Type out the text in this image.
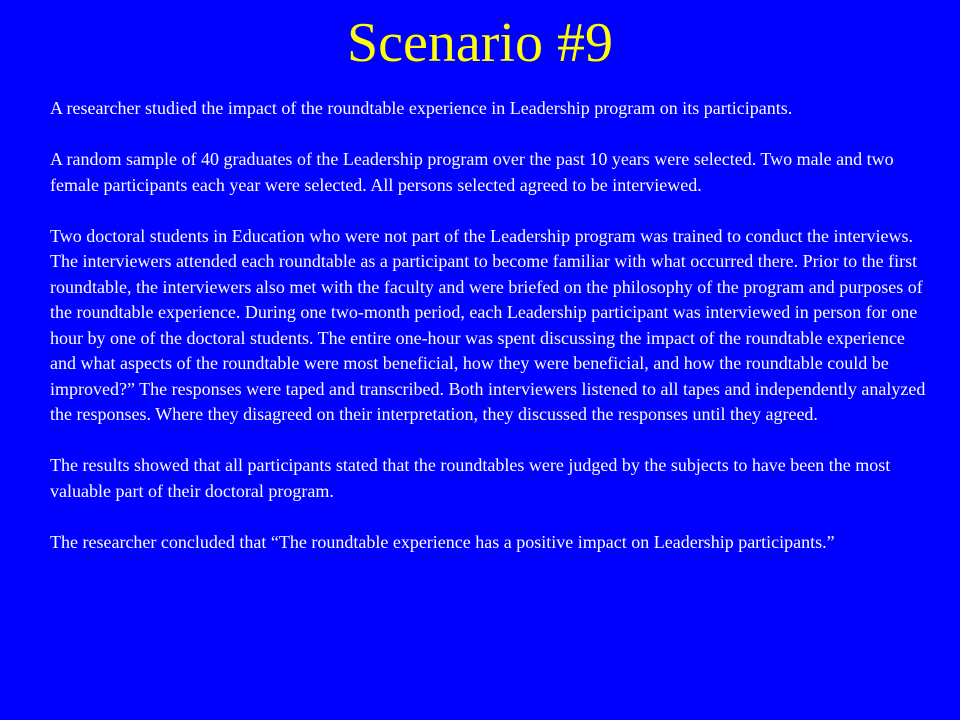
Scenario #9

A researcher studied the impact of the roundtable experience in Leadership program on its participants.

A random sample of 40 graduates of the Leadership program over the past 10 years were selected. Two male and two female participants each year were selected. All persons selected agreed to be interviewed.

Two doctoral students in Education who were not part of the Leadership program was trained to conduct the interviews. The interviewers attended each roundtable as a participant to become familiar with what occurred there. Prior to the first roundtable, the interviewers also met with the faculty and were briefed on the philosophy of the program and purposes of the roundtable experience. During one two-month period, each Leadership participant was interviewed in person for one hour by one of the doctoral students. The entire one-hour was spent discussing the impact of the roundtable experience and what aspects of the roundtable were most beneficial, how they were beneficial, and how the roundtable could be improved?” The responses were taped and transcribed. Both interviewers listened to all tapes and independently analyzed the responses. Where they disagreed on their interpretation, they discussed the responses until they agreed.

The results showed that all participants stated that the roundtables were judged by the subjects to have been the most valuable part of their doctoral program.

The researcher concluded that “The roundtable experience has a positive impact on Leadership participants.”
